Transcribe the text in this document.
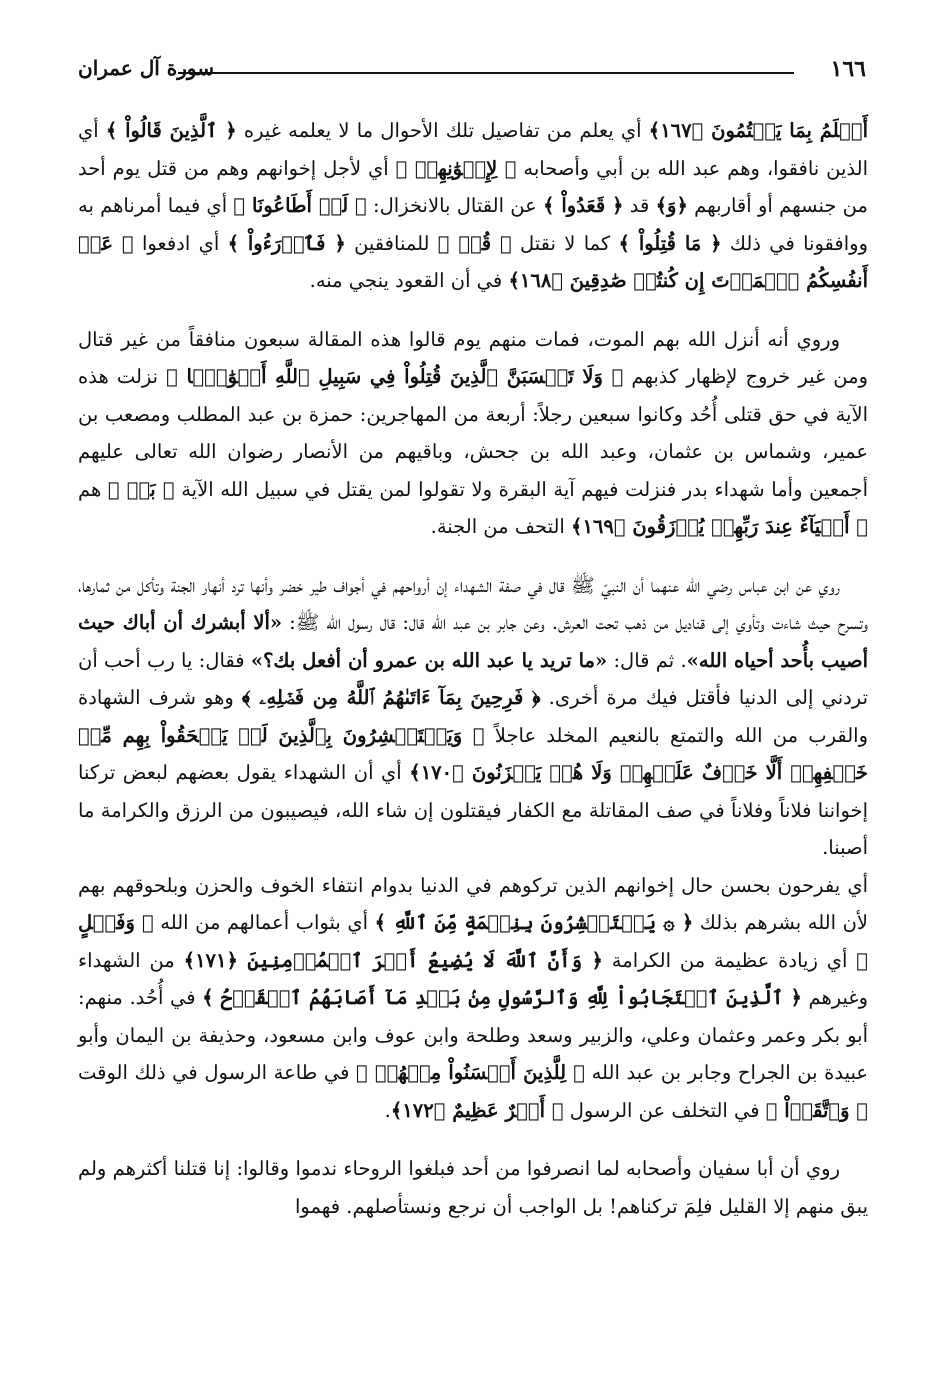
١٦٦
سورة آل عمران

أَعۡلَمُ بِمَا يَكۡتُمُونَ ﴿١٦٧﴾ أي يعلم من تفاصيل تلك الأحوال ما لا يعلمه غيره ﴿ ٱلَّذِينَ قَالُواْ ﴾ أي الذين نافقوا، وهم عبد الله بن أبي وأصحابه ﴿ لِإِخۡوَٰنِهِمۡ ﴾ أي لأجل إخوانهم وهم من قتل يوم أحد من جنسهم أو أقاربهم ﴿وَ﴾ قد ﴿ قَعَدُواْ ﴾ عن القتال بالانخزال: ﴿ لَوۡ أَطَاعُونَا ﴾ أي فيما أمرناهم به ووافقونا في ذلك ﴿ مَا قُتِلُواْ ﴾ كما لا نقتل ﴿ قُلۡ ﴾ للمنافقين ﴿ فَٱدۡرَءُواْ ﴾ أي ادفعوا ﴿ عَنۡ أَنفُسِكُمُ ٱلۡمَوۡتَ إِن كُنتُمۡ صَٰدِقِينَ ﴿١٦٨﴾ في أن القعود ينجي منه.

وروي أنه أنزل الله بهم الموت، فمات منهم يوم قالوا هذه المقالة سبعون منافقاً من غير قتال ومن غير خروج لإظهار كذبهم ﴿ وَلَا تَحۡسَبَنَّ ٱلَّذِينَ قُتِلُواْ فِي سَبِيلِ ٱللَّهِ أَمۡوَٰتَۢا ﴾ نزلت هذه الآية في حق قتلى أُحُد وكانوا سبعين رجلاً: أربعة من المهاجرين: حمزة بن عبد المطلب ومصعب بن عمير، وشماس بن عثمان، وعبد الله بن جحش، وباقيهم من الأنصار رضوان الله تعالى عليهم أجمعين وأما شهداء بدر فنزلت فيهم آية البقرة ولا تقولوا لمن يقتل في سبيل الله الآية ﴿ بَلۡ ﴾ هم ﴿ أَحۡيَآءٌ عِندَ رَبِّهِمۡ يُرۡزَقُونَ ﴿١٦٩﴾ التحف من الجنة.

روي عن ابن عباس رضي الله عنهما أن النبيّ ﷺ قال في صفة الشهداء إن أرواحهم في أجواف طير خضر وأنها ترد أنهار الجنة وتأكل من ثمارها، وتسرح حيث شاءت وتأوي إلى قناديل من ذهب تحت العرش. وعن جابر بن عبد الله قال: قال رسول الله ﷺ: «ألا أبشرك أن أباك حيث أصيب بأُحد أحياه الله». ثم قال: «ما تريد يا عبد الله بن عمرو أن أفعل بك؟» فقال: يا رب أحب أن تردني إلى الدنيا فأقتل فيك مرة أخرى. ﴿ فَرِحِينَ بِمَآ ءَاتَىٰهُمُ ٱللَّهُ مِن فَضۡلِهِۦ ﴾ وهو شرف الشهادة والقرب من الله والتمتع بالنعيم المخلد عاجلاً ﴿ وَيَسۡتَبۡشِرُونَ بِٱلَّذِينَ لَمۡ يَلۡحَقُواْ بِهِم مِّنۡ خَلۡفِهِمۡ أَلَّا خَوۡفٌ عَلَيۡهِمۡ وَلَا هُمۡ يَحۡزَنُونَ ﴿١٧٠﴾ أي أن الشهداء يقول بعضهم لبعض تركنا إخواننا فلاناً وفلاناً في صف المقاتلة مع الكفار فيقتلون إن شاء الله، فيصيبون من الرزق والكرامة ما أصبنا.

أي يفرحون بحسن حال إخوانهم الذين تركوهم في الدنيا بدوام انتفاء الخوف والحزن وبلحوقهم بهم لأن الله بشرهم بذلك ﴿ ۞ يَسۡتَبۡشِرُونَ بِنِعۡمَةٍ مِّنَ ٱللَّهِ ﴾ أي بثواب أعمالهم من الله ﴿ وَفَضۡلٍ ﴾ أي زيادة عظيمة من الكرامة ﴿ وَأَنَّ ٱللَّهَ لَا يُضِيعُ أَجۡرَ ٱلۡمُؤۡمِنِينَ ﴿١٧١﴾ من الشهداء وغيرهم ﴿ ٱلَّذِينَ ٱسۡتَجَابُواْ لِلَّهِ وَٱلرَّسُولِ مِنۢ بَعۡدِ مَآ أَصَابَهُمُ ٱلۡقَرۡحُ ﴾ في أُحُد. منهم: أبو بكر وعمر وعثمان وعلي، والزبير وسعد وطلحة وابن عوف وابن مسعود، وحذيفة بن اليمان وأبو عبيدة بن الجراح وجابر بن عبد الله ﴿ لِلَّذِينَ أَحۡسَنُواْ مِنۡهُمۡ ﴾ في طاعة الرسول في ذلك الوقت ﴿ وَٱتَّقَوۡاْ ﴾ في التخلف عن الرسول ﴿ أَجۡرٌ عَظِيمٌ ﴿١٧٢﴾.

روي أن أبا سفيان وأصحابه لما انصرفوا من أحد فبلغوا الروحاء ندموا وقالوا: إنا قتلنا أكثرهم ولم يبق منهم إلا القليل فلِمَ تركناهم! بل الواجب أن نرجع ونستأصلهم. فهموا
